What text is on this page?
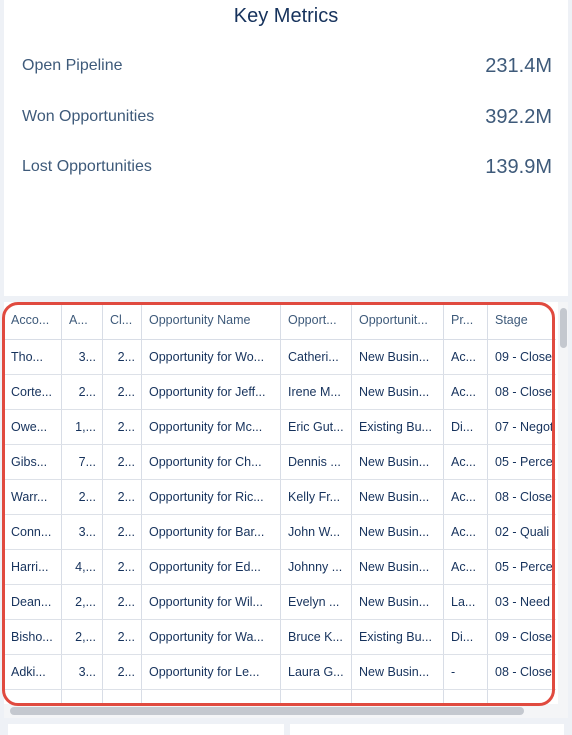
Key Metrics
Open Pipeline	231.4M
Won Opportunities	392.2M
Lost Opportunities	139.9M
Acco...	A...	Cl...	Opportunity Name	Opport...	Opportunit...	Pr...	Stage
Tho...	3...	2...	Opportunity for Wo...	Catheri...	New Busin...	Ac...	09 - Close
Corte...	2...	2...	Opportunity for Jeff...	Irene M...	New Busin...	Ac...	08 - Close
Owe...	1,...	2...	Opportunity for Mc...	Eric Gut...	Existing Bu...	Di...	07 - Negot
Gibs...	7...	2...	Opportunity for Ch...	Dennis ...	New Busin...	Ac...	05 - Perce
Warr...	2...	2...	Opportunity for Ric...	Kelly Fr...	New Busin...	Ac...	08 - Close
Conn...	3...	2...	Opportunity for Bar...	John W...	New Busin...	Ac...	02 - Quali
Harri...	4,...	2...	Opportunity for Ed...	Johnny ...	New Busin...	Ac...	05 - Perce
Dean...	2,...	2...	Opportunity for Wil...	Evelyn ...	New Busin...	La...	03 - Need
Bisho...	2,...	2...	Opportunity for Wa...	Bruce K...	Existing Bu...	Di...	09 - Close
Adki...	3...	2...	Opportunity for Le...	Laura G...	New Busin...	-	08 - Close
